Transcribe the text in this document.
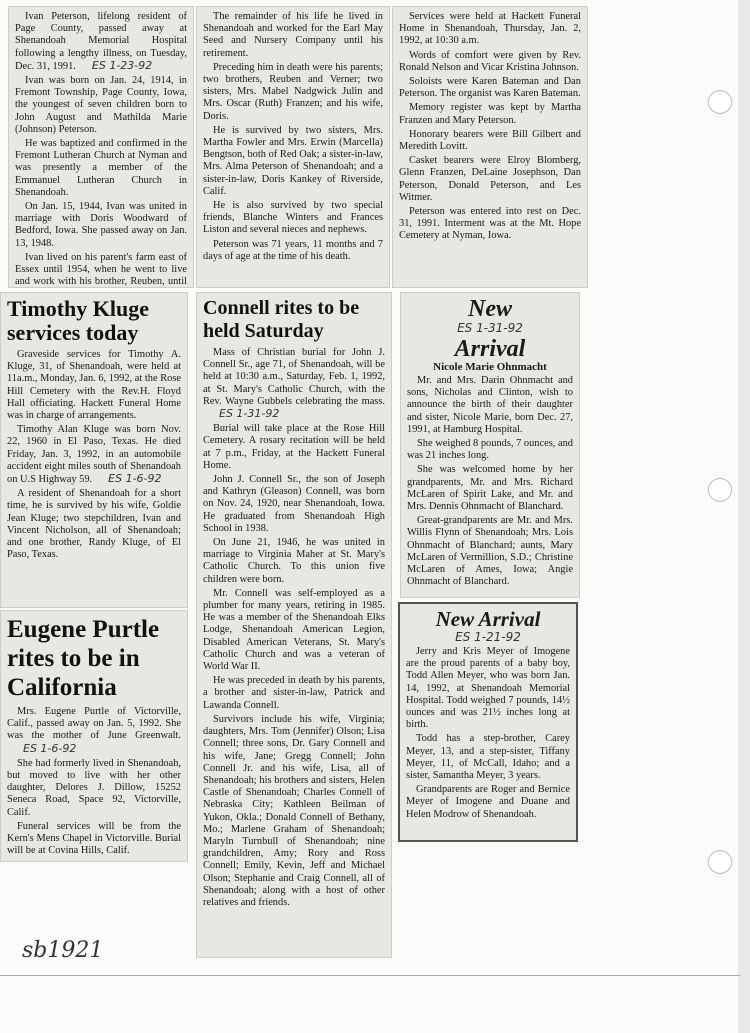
Ivan Peterson, lifelong resident of Page County, passed away at Shenandoah Memorial Hospital following a lengthy illness, on Tuesday, Dec. 31, 1991. ES 1-23-92

Ivan was born on Jan. 24, 1914, in Fremont Township, Page County, Iowa, the youngest of seven children born to John August and Mathilda Marie (Johnson) Peterson.

He was baptized and confirmed in the Fremont Lutheran Church at Nyman and was presently a member of the Emmanuel Lutheran Church in Shenandoah.

On Jan. 15, 1944, Ivan was united in marriage with Doris Woodward of Bedford, Iowa. She passed away on Jan. 13, 1948.

Ivan lived on his parent's farm east of Essex until 1954, when he went to live and work with his brother, Reuben, until

The remainder of his life he lived in Shenandoah and worked for the Earl May Seed and Nursery Company until his retirement.

Preceding him in death were his parents; two brothers, Reuben and Verner; two sisters, Mrs. Mabel Nadgwick Julin and Mrs. Oscar (Ruth) Franzen; and his wife, Doris.

He is survived by two sisters, Mrs. Martha Fowler and Mrs. Erwin (Marcella) Bengtson, both of Red Oak; a sister-in-law, Mrs. Alma Peterson of Shenandoah; and a sister-in-law, Doris Kankey of Riverside, Calif.

He is also survived by two special friends, Blanche Winters and Frances Liston and several nieces and nephews.

Peterson was 71 years, 11 months and 7 days of age at the time of his death.

Services were held at Hackett Funeral Home in Shenandoah, Thursday, Jan. 2, 1992, at 10:30 a.m.

Words of comfort were given by Rev. Ronald Nelson and Vicar Kristina Johnson.

Soloists were Karen Bateman and Dan Peterson. The organist was Karen Bateman.

Memory register was kept by Martha Franzen and Mary Peterson.

Honorary bearers were Bill Gilbert and Meredith Lovitt.

Casket bearers were Elroy Blomberg, Glenn Franzen, DeLaine Josephson, Dan Peterson, Donald Peterson, and Les Witmer.

Peterson was entered into rest on Dec. 31, 1991. Interment was at the Mt. Hope Cemetery at Nyman, Iowa.

Timothy Kluge services today

Graveside services for Timothy A. Kluge, 31, of Shenandoah, were held at 11a.m., Monday, Jan. 6, 1992, at the Rose Hill Cemetery with the Rev.H. Floyd Hall officiating. Hackett Funeral Home was in charge of arrangements.

Timothy Alan Kluge was born Nov. 22, 1960 in El Paso, Texas. He died Friday, Jan. 3, 1992, in an automobile accident eight miles south of Shenandoah on U.S Highway 59. ES 1-6-92

A resident of Shenandoah for a short time, he is survived by his wife, Goldie Jean Kluge; two stepchildren, Ivan and Vincent Nicholson, all of Shenandoah; and one brother, Randy Kluge, of El Paso, Texas.

Eugene Purtle rites to be in California

Mrs. Eugene Purtle of Victorville, Calif., passed away on Jan. 5, 1992. She was the mother of June Greenwalt.ES 1-6-92

She had formerly lived in Shenandoah, but moved to live with her other daughter, Delores J. Dillow, 15252 Seneca Road, Space 92, Victorville, Calif.

Funeral services will be from the Kern's Mens Chapel in Victorville. Burial will be at Covina Hills, Calif.

Connell rites to be held Saturday

Mass of Christian burial for John J. Connell Sr., age 71, of Shenandoah, will be held at 10:30 a.m., Saturday, Feb. 1, 1992, at St. Mary's Catholic Church, with the Rev. Wayne Gubbels celebrating the mass.ES 1-31-92

Burial will take place at the Rose Hill Cemetery. A rosary recitation will be held at 7 p.m., Friday, at the Hackett Funeral Home.

John J. Connell Sr., the son of Joseph and Kathryn (Gleason) Connell, was born on Nov. 24, 1920, near Shenandoah, Iowa. He graduated from Shenandoah High School in 1938.

On June 21, 1946, he was united in marriage to Virginia Maher at St. Mary's Catholic Church. To this union five children were born.

Mr. Connell was self-employed as a plumber for many years, retiring in 1985. He was a member of the Shenandoah Elks Lodge, Shenandoah American Legion, Disabled American Veterans, St. Mary's Catholic Church and was a veteran of World War II.

He was preceded in death by his parents, a brother and sister-in-law, Patrick and Lawanda Connell.

Survivors include his wife, Virginia; daughters, Mrs. Tom (Jennifer) Olson; Lisa Connell; three sons, Dr. Gary Connell and his wife, Jane; Gregg Connell; John Connell Jr. and his wife, Lisa, all of Shenandoah; his brothers and sisters, Helen Castle of Shenandoah; Charles Connell of Nebraska City; Kathleen Beilman of Yukon, Okla.; Donald Connell of Bethany, Mo.; Marlene Graham of Shenandoah; Maryln Turnbull of Shenandoah; nine grandchildren, Amy; Rory and Ross Connell; Emily, Kevin, Jeff and Michael Olson; Stephanie and Craig Connell, all of Shenandoah; along with a host of other relatives and friends.

New
ES 1-31-92
Arrival
Nicole Marie Ohnmacht

Mr. and Mrs. Darin Ohnmacht and sons, Nicholas and Clinton, wish to announce the birth of their daughter and sister, Nicole Marie, born Dec. 27, 1991, at Hamburg Hospital.

She weighed 8 pounds, 7 ounces, and was 21 inches long.

She was welcomed home by her grandparents, Mr. and Mrs. Richard McLaren of Spirit Lake, and Mr. and Mrs. Dennis Ohnmacht of Blanchard.

Great-grandparents are Mr. and Mrs. Willis Flynn of Shenandoah; Mrs. Lois Ohnmacht of Blanchard; aunts, Mary McLaren of Vermillion, S.D.; Christine McLaren of Ames, Iowa; Angie Ohnmacht of Blanchard.

New Arrival
ES 1-21-92

Jerry and Kris Meyer of Imogene are the proud parents of a baby boy, Todd Allen Meyer, who was born Jan. 14, 1992, at Shenandoah Memorial Hospital. Todd weighed 7 pounds, 14½ ounces and was 21½ inches long at birth.

Todd has a step-brother, Carey Meyer, 13, and a step-sister, Tiffany Meyer, 11, of McCall, Idaho; and a sister, Samantha Meyer, 3 years.

Grandparents are Roger and Bernice Meyer of Imogene and Duane and Helen Modrow of Shenandoah.

sb1921
